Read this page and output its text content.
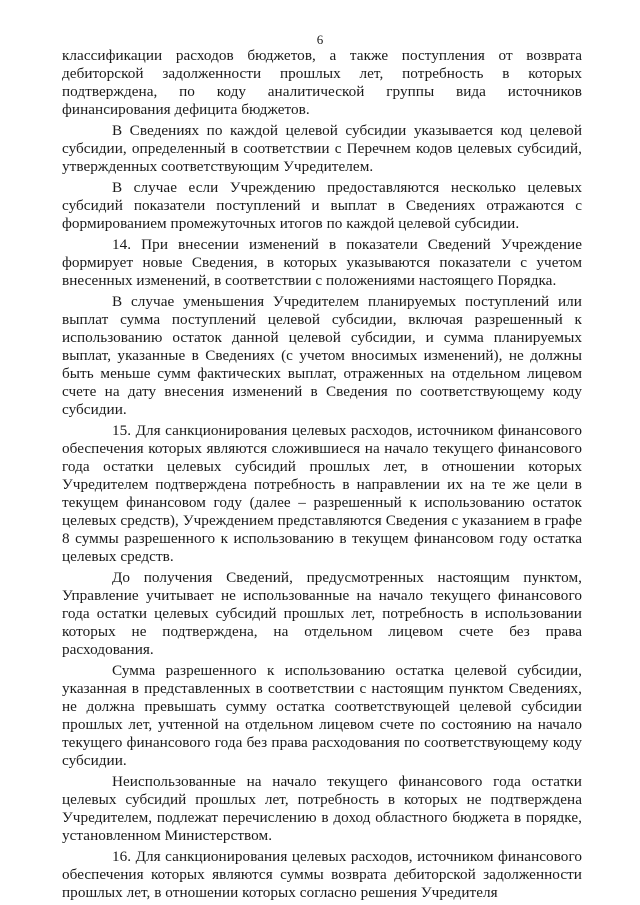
6

классификации расходов бюджетов, а также поступления от возврата дебиторской задолженности прошлых лет, потребность в которых подтверждена, по коду аналитической группы вида источников финансирования дефицита бюджетов.

В Сведениях по каждой целевой субсидии указывается код целевой субсидии, определенный в соответствии с Перечнем кодов целевых субсидий, утвержденных соответствующим Учредителем.

В случае если Учреждению предоставляются несколько целевых субсидий показатели поступлений и выплат в Сведениях отражаются с формированием промежуточных итогов по каждой целевой субсидии.

14. При внесении изменений в показатели Сведений Учреждение формирует новые Сведения, в которых указываются показатели с учетом внесенных изменений, в соответствии с положениями настоящего Порядка.

В случае уменьшения Учредителем планируемых поступлений или выплат сумма поступлений целевой субсидии, включая разрешенный к использованию остаток данной целевой субсидии, и сумма планируемых выплат, указанные в Сведениях (с учетом вносимых изменений), не должны быть меньше сумм фактических выплат, отраженных на отдельном лицевом счете на дату внесения изменений в Сведения по соответствующему коду субсидии.

15. Для санкционирования целевых расходов, источником финансового обеспечения которых являются сложившиеся на начало текущего финансового года остатки целевых субсидий прошлых лет, в отношении которых Учредителем подтверждена потребность в направлении их на те же цели в текущем финансовом году (далее – разрешенный к использованию остаток целевых средств), Учреждением представляются Сведения с указанием в графе 8 суммы разрешенного к использованию в текущем финансовом году остатка целевых средств.

До получения Сведений, предусмотренных настоящим пунктом, Управление учитывает не использованные на начало текущего финансового года остатки целевых субсидий прошлых лет, потребность в использовании которых не подтверждена, на отдельном лицевом счете без права расходования.

Сумма разрешенного к использованию остатка целевой субсидии, указанная в представленных в соответствии с настоящим пунктом Сведениях, не должна превышать сумму остатка соответствующей целевой субсидии прошлых лет, учтенной на отдельном лицевом счете по состоянию на начало текущего финансового года без права расходования по соответствующему коду субсидии.

Неиспользованные на начало текущего финансового года остатки целевых субсидий прошлых лет, потребность в которых не подтверждена Учредителем, подлежат перечислению в доход областного бюджета в порядке, установленном Министерством.

16. Для санкционирования целевых расходов, источником финансового обеспечения которых являются суммы возврата дебиторской задолженности прошлых лет, в отношении которых согласно решения Учредителя
